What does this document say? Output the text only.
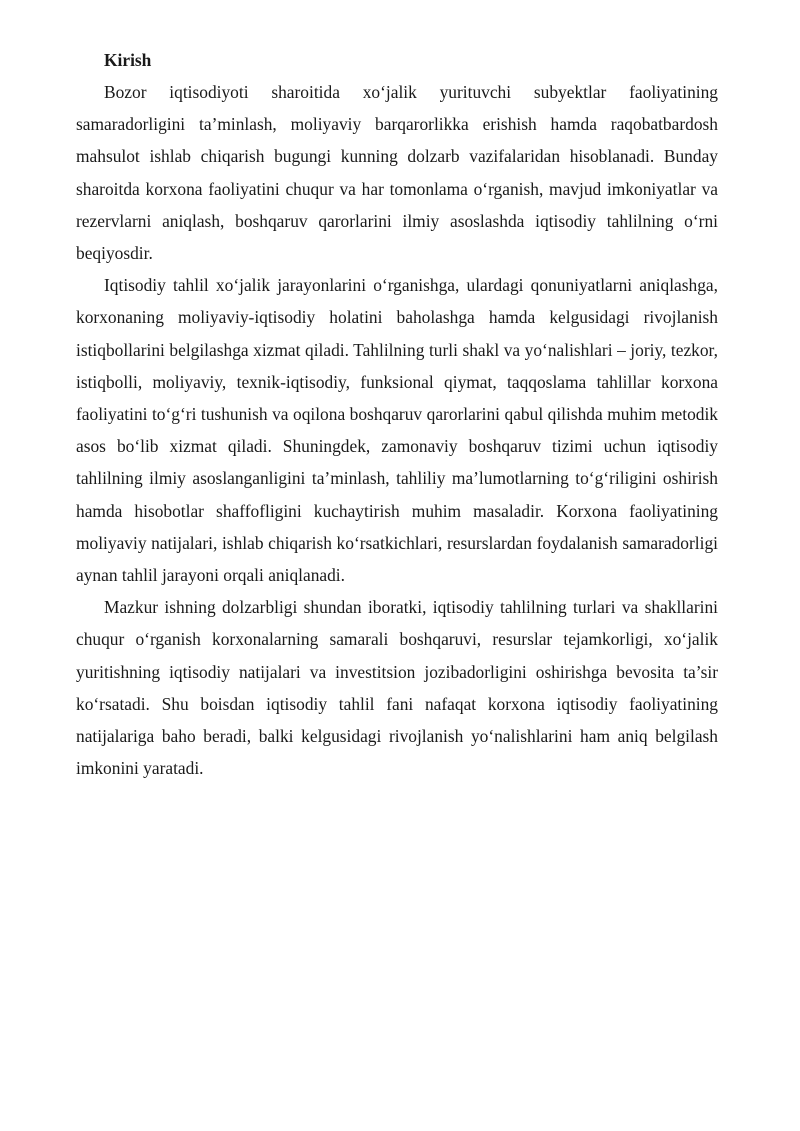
Kirish

Bozor iqtisodiyoti sharoitida xo‘jalik yurituvchi subyektlar faoliyatining samaradorligini ta’minlash, moliyaviy barqarorlikka erishish hamda raqobatbardosh mahsulot ishlab chiqarish bugungi kunning dolzarb vazifalaridan hisoblanadi. Bunday sharoitda korxona faoliyatini chuqur va har tomonlama o‘rganish, mavjud imkoniyatlar va rezervlarni aniqlash, boshqaruv qarorlarini ilmiy asoslashda iqtisodiy tahlilning o‘rni beqiyosdir.

Iqtisodiy tahlil xo‘jalik jarayonlarini o‘rganishga, ulardagi qonuniyatlarni aniqlashga, korxonaning moliyaviy-iqtisodiy holatini baholashga hamda kelgusidagi rivojlanish istiqbollarini belgilashga xizmat qiladi. Tahlilning turli shakl va yo‘nalishlari – joriy, tezkor, istiqbolli, moliyaviy, texnik-iqtisodiy, funksional qiymat, taqqoslama tahlillar korxona faoliyatini to‘g‘ri tushunish va oqilona boshqaruv qarorlarini qabul qilishda muhim metodik asos bo‘lib xizmat qiladi. Shuningdek, zamonaviy boshqaruv tizimi uchun iqtisodiy tahlilning ilmiy asoslanganligini ta’minlash, tahliliy ma’lumotlarning to‘g‘riligini oshirish hamda hisobotlar shaffofligini kuchaytirish muhim masaladir. Korxona faoliyatining moliyaviy natijalari, ishlab chiqarish ko‘rsatkichlari, resurslardan foydalanish samaradorligi aynan tahlil jarayoni orqali aniqlanadi.

Mazkur ishning dolzarbligi shundan iboratki, iqtisodiy tahlilning turlari va shakllarini chuqur o‘rganish korxonalarning samarali boshqaruvi, resurslar tejamkorligi, xo‘jalik yuritishning iqtisodiy natijalari va investitsion jozibadorligini oshirishga bevosita ta’sir ko‘rsatadi. Shu boisdan iqtisodiy tahlil fani nafaqat korxona iqtisodiy faoliyatining natijalariga baho beradi, balki kelgusidagi rivojlanish yo‘nalishlarini ham aniq belgilash imkonini yaratadi.
